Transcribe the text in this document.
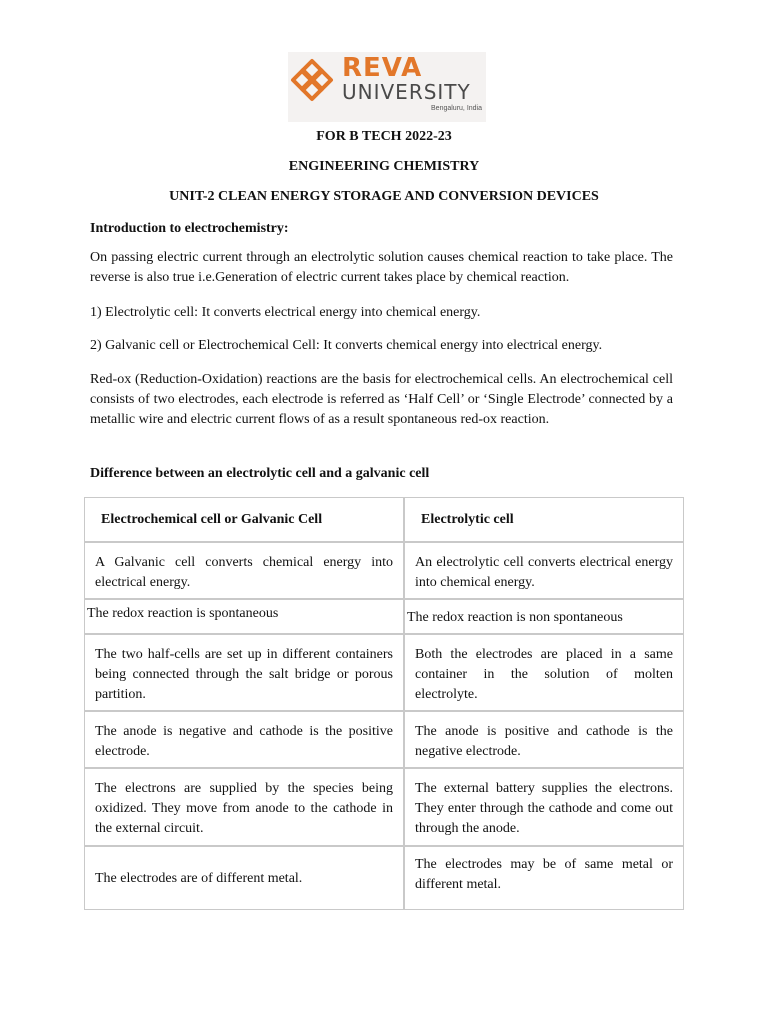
REVA
UNIVERSITY
Bengaluru, India
FOR B TECH 2022-23
ENGINEERING CHEMISTRY
UNIT-2 CLEAN ENERGY STORAGE AND CONVERSION DEVICES
Introduction to electrochemistry:
On passing electric current through an electrolytic solution causes chemical reaction to take place. The reverse is also true i.e.Generation of electric current takes place by chemical reaction.
1) Electrolytic cell: It converts electrical energy into chemical energy.
2) Galvanic cell or Electrochemical Cell: It converts chemical energy into electrical energy.
Red-ox (Reduction-Oxidation) reactions are the basis for electrochemical cells. An electrochemical cell consists of two electrodes, each electrode is referred as ‘Half Cell’ or ‘Single Electrode’ connected by a metallic wire and electric current flows of as a result spontaneous red-ox reaction.
Difference between an electrolytic cell and a galvanic cell
Electrochemical cell or Galvanic Cell	Electrolytic cell
A Galvanic cell converts chemical energy into electrical energy.
An electrolytic cell converts electrical energy into chemical energy.
The redox reaction is spontaneous	The redox reaction is non spontaneous
The two half-cells are set up in different containers being connected through the salt bridge or porous partition.
Both the electrodes are placed in a same container in the solution of molten electrolyte.
The anode is negative and cathode is the positive electrode.
The anode is positive and cathode is the negative electrode.
The electrons are supplied by the species being oxidized. They move from anode to the cathode in the external circuit.
The external battery supplies the electrons. They enter through the cathode and come out through the anode.
The electrodes are of different metal.
The electrodes may be of same metal or different metal.
